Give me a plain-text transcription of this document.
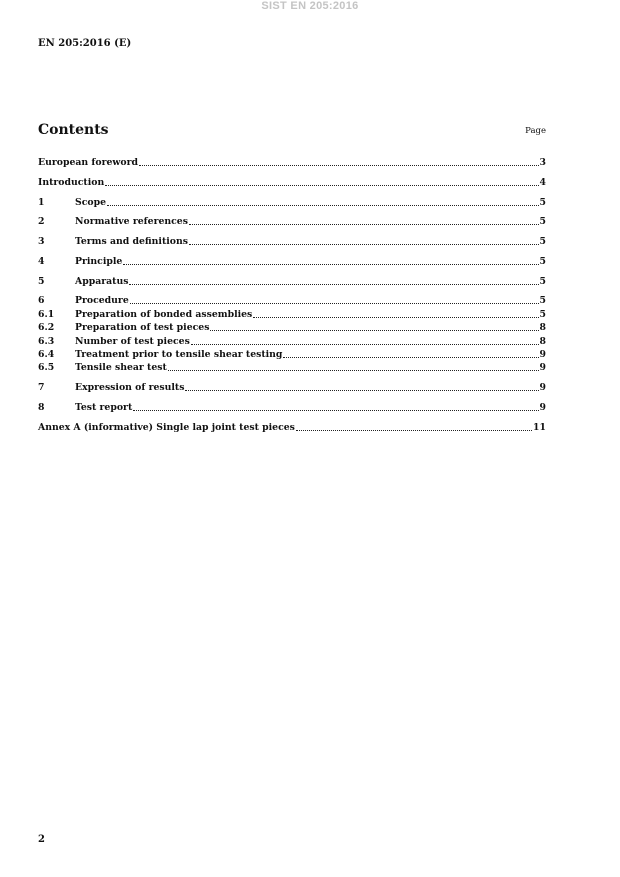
SIST EN 205:2016
EN 205:2016 (E)
Contents	Page
European foreword	3
Introduction	4
1	Scope	5
2	Normative references	5
3	Terms and definitions	5
4	Principle	5
5	Apparatus	5
6	Procedure	5
6.1	Preparation of bonded assemblies	5
6.2	Preparation of test pieces	8
6.3	Number of test pieces	8
6.4	Treatment prior to tensile shear testing	9
6.5	Tensile shear test	9
7	Expression of results	9
8	Test report	9
Annex A (informative) Single lap joint test pieces	11
2
